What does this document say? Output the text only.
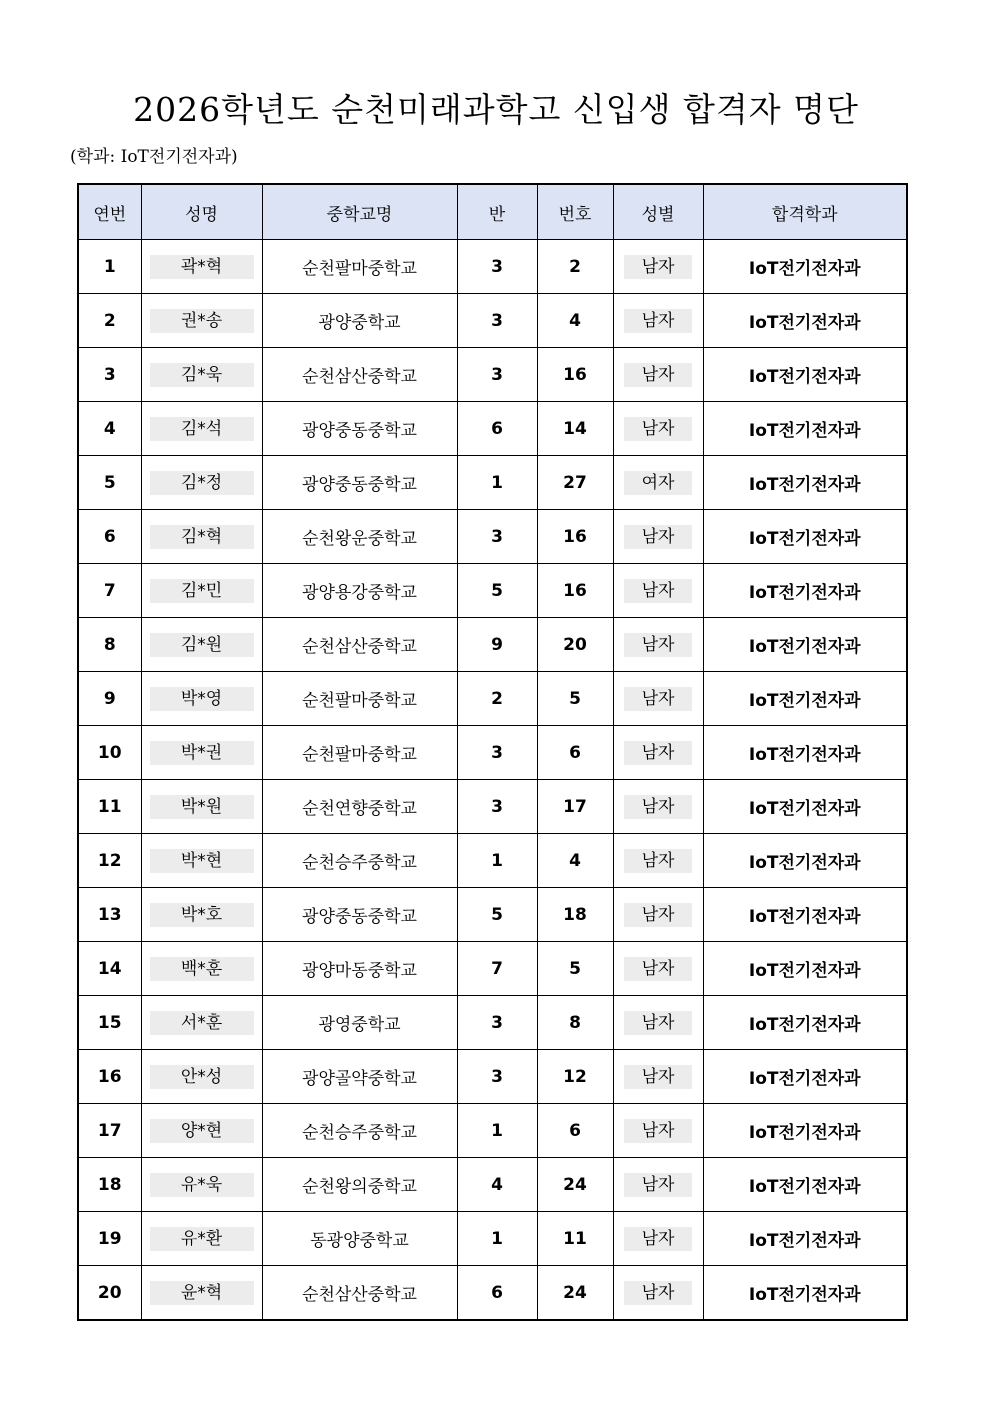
2026학년도 순천미래과학고 신입생 합격자 명단
(학과: IoT전기전자과)
연번	성명	중학교명	반	번호	성별	합격학과
1	곽*혁	순천팔마중학교	3	2	남자	IoT전기전자과
2	권*송	광양중학교	3	4	남자	IoT전기전자과
3	김*욱	순천삼산중학교	3	16	남자	IoT전기전자과
4	김*석	광양중동중학교	6	14	남자	IoT전기전자과
5	김*정	광양중동중학교	1	27	여자	IoT전기전자과
6	김*혁	순천왕운중학교	3	16	남자	IoT전기전자과
7	김*민	광양용강중학교	5	16	남자	IoT전기전자과
8	김*원	순천삼산중학교	9	20	남자	IoT전기전자과
9	박*영	순천팔마중학교	2	5	남자	IoT전기전자과
10	박*권	순천팔마중학교	3	6	남자	IoT전기전자과
11	박*원	순천연향중학교	3	17	남자	IoT전기전자과
12	박*현	순천승주중학교	1	4	남자	IoT전기전자과
13	박*호	광양중동중학교	5	18	남자	IoT전기전자과
14	백*훈	광양마동중학교	7	5	남자	IoT전기전자과
15	서*훈	광영중학교	3	8	남자	IoT전기전자과
16	안*성	광양골약중학교	3	12	남자	IoT전기전자과
17	양*현	순천승주중학교	1	6	남자	IoT전기전자과
18	유*욱	순천왕의중학교	4	24	남자	IoT전기전자과
19	유*환	동광양중학교	1	11	남자	IoT전기전자과
20	윤*혁	순천삼산중학교	6	24	남자	IoT전기전자과
